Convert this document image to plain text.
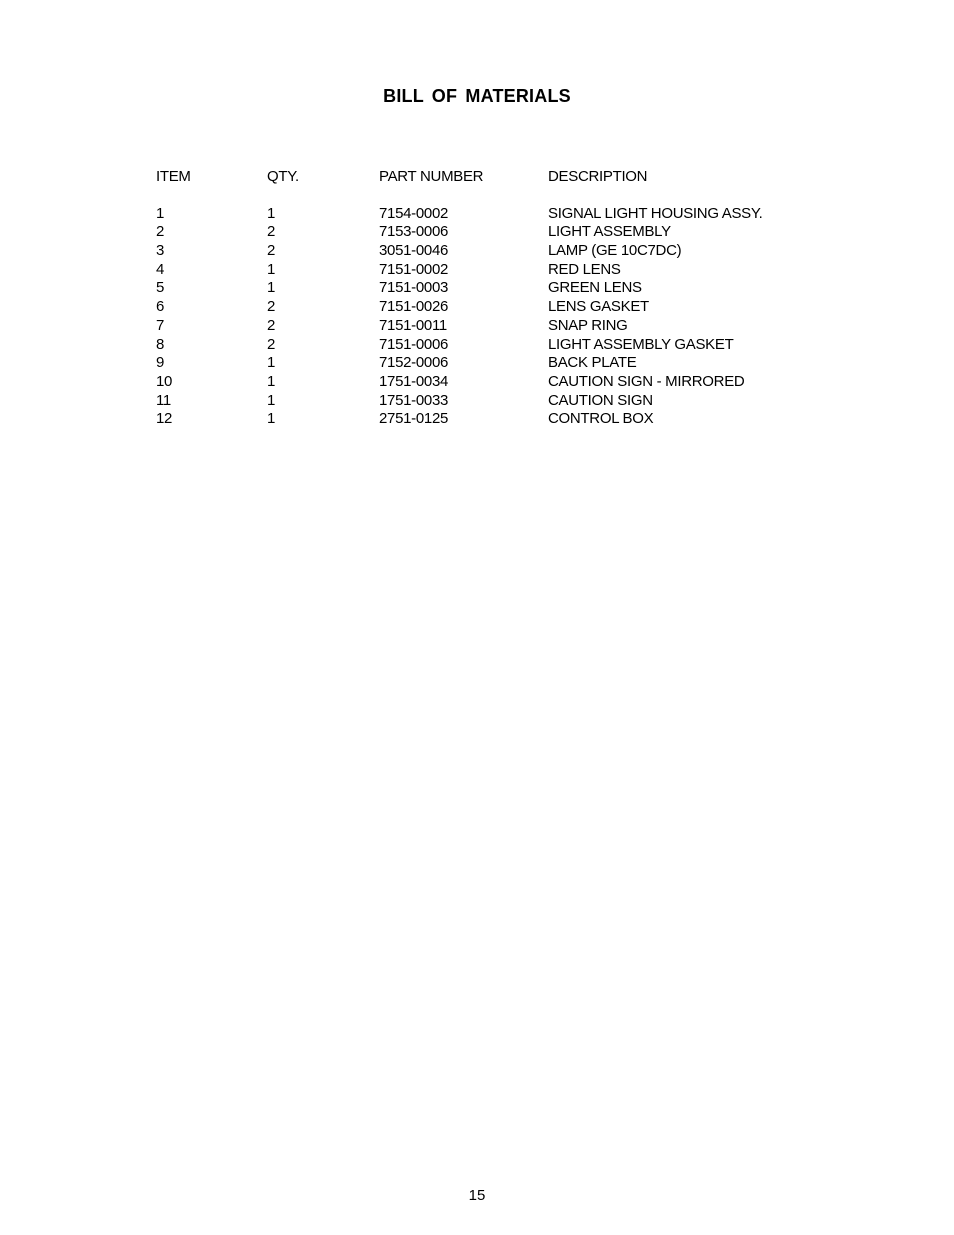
BILL OF MATERIALS
ITEM	QTY.	PART NUMBER	DESCRIPTION
1	1	7154-0002	SIGNAL LIGHT HOUSING ASSY.
2	2	7153-0006	LIGHT ASSEMBLY
3	2	3051-0046	LAMP (GE 10C7DC)
4	1	7151-0002	RED LENS
5	1	7151-0003	GREEN LENS
6	2	7151-0026	LENS GASKET
7	2	7151-0011	SNAP RING
8	2	7151-0006	LIGHT ASSEMBLY GASKET
9	1	7152-0006	BACK PLATE
10	1	1751-0034	CAUTION SIGN - MIRRORED
11	1	1751-0033	CAUTION SIGN
12	1	2751-0125	CONTROL BOX
15
